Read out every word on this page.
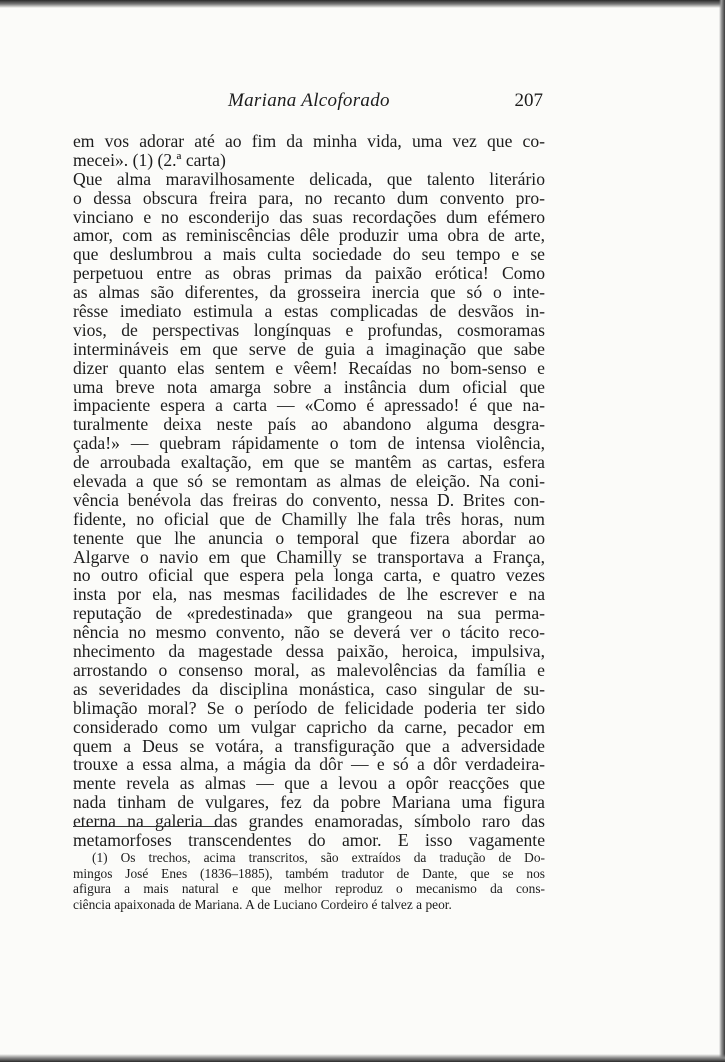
Mariana Alcoforado	207
em vos adorar até ao fim da minha vida, uma vez que co-
mecei». (1) (2.ª carta)
Que alma maravilhosamente delicada, que talento literário
o dessa obscura freira para, no recanto dum convento pro-
vinciano e no esconderijo das suas recordações dum efémero
amor, com as reminiscências dêle produzir uma obra de arte,
que deslumbrou a mais culta sociedade do seu tempo e se
perpetuou entre as obras primas da paixão erótica! Como
as almas são diferentes, da grosseira inercia que só o inte-
rêsse imediato estimula a estas complicadas de desvãos in-
vios, de perspectivas longínquas e profundas, cosmoramas
intermináveis em que serve de guia a imaginação que sabe
dizer quanto elas sentem e vêem! Recaídas no bom-senso e
uma breve nota amarga sobre a instância dum oficial que
impaciente espera a carta — «Como é apressado! é que na-
turalmente deixa neste país ao abandono alguma desgra-
çada!» — quebram rápidamente o tom de intensa violência,
de arroubada exaltação, em que se mantêm as cartas, esfera
elevada a que só se remontam as almas de eleição. Na coni-
vência benévola das freiras do convento, nessa D. Brites con-
fidente, no oficial que de Chamilly lhe fala três horas, num
tenente que lhe anuncia o temporal que fizera abordar ao
Algarve o navio em que Chamilly se transportava a França,
no outro oficial que espera pela longa carta, e quatro vezes
insta por ela, nas mesmas facilidades de lhe escrever e na
reputação de «predestinada» que grangeou na sua perma-
nência no mesmo convento, não se deverá ver o tácito reco-
nhecimento da magestade dessa paixão, heroica, impulsiva,
arrostando o consenso moral, as malevolências da família e
as severidades da disciplina monástica, caso singular de su-
blimação moral? Se o período de felicidade poderia ter sido
considerado como um vulgar capricho da carne, pecador em
quem a Deus se votára, a transfiguração que a adversidade
trouxe a essa alma, a mágia da dôr — e só a dôr verdadeira-
mente revela as almas — que a levou a opôr reacções que
nada tinham de vulgares, fez da pobre Mariana uma figura
eterna na galeria das grandes enamoradas, símbolo raro das
metamorfoses transcendentes do amor. E isso vagamente
(1) Os trechos, acima transcritos, são extraídos da tradução de Do-
mingos José Enes (1836–1885), também tradutor de Dante, que se nos
afigura a mais natural e que melhor reproduz o mecanismo da cons-
ciência apaixonada de Mariana. A de Luciano Cordeiro é talvez a peor.
